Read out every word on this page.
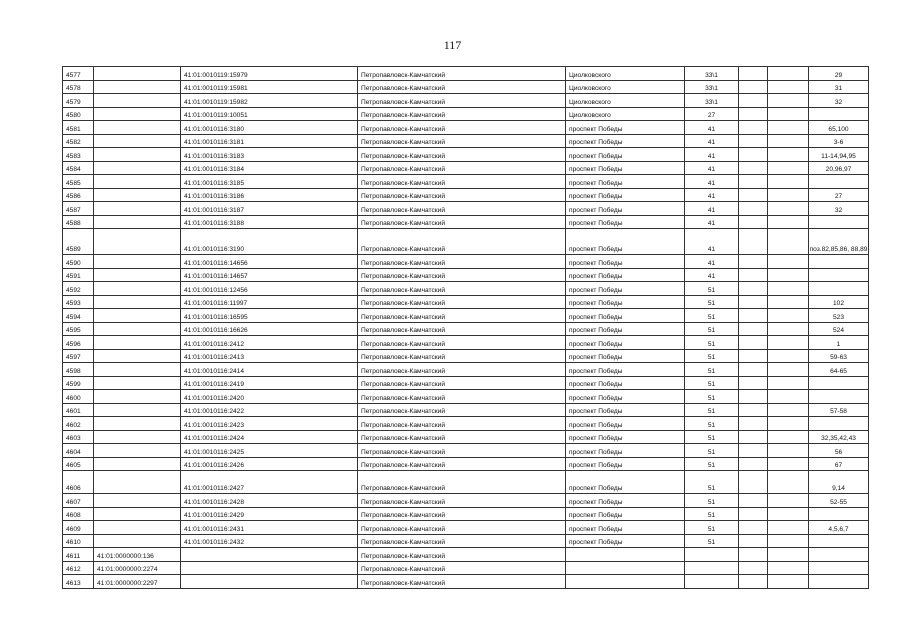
117
4577		41:01:0010119:15979	Петропавловск-Камчатский	Циолковского	33\1			29
4578		41:01:0010119:15981	Петропавловск-Камчатский	Циолковского	33\1			31
4579		41:01:0010119:15982	Петропавловск-Камчатский	Циолковского	33\1			32
4580		41:01:0010119:10051	Петропавловск-Камчатский	Циолковского	27			
4581		41:01:0010116:3180	Петропавловск-Камчатский	проспект Победы	41			65,100
4582		41:01:0010116:3181	Петропавловск-Камчатский	проспект Победы	41			3-6
4583		41:01:0010116:3183	Петропавловск-Камчатский	проспект Победы	41			11-14,94,95
4584		41:01:0010116:3184	Петропавловск-Камчатский	проспект Победы	41			20,96,97
4585		41:01:0010116:3185	Петропавловск-Камчатский	проспект Победы	41			
4586		41:01:0010116:3186	Петропавловск-Камчатский	проспект Победы	41			27
4587		41:01:0010116:3187	Петропавловск-Камчатский	проспект Победы	41			32
4588		41:01:0010116:3188	Петропавловск-Камчатский	проспект Победы	41			
4589		41:01:0010116:3190	Петропавловск-Камчатский	проспект Победы	41			поз.82,85,86, 88,89
4590		41:01:0010116:14656	Петропавловск-Камчатский	проспект Победы	41			
4591		41:01:0010116:14657	Петропавловск-Камчатский	проспект Победы	41			
4592		41:01:0010116:12456	Петропавловск-Камчатский	проспект Победы	51			
4593		41:01:0010116:11997	Петропавловск-Камчатский	проспект Победы	51			102
4594		41:01:0010116:16595	Петропавловск-Камчатский	проспект Победы	51			523
4595		41:01:0010116:16626	Петропавловск-Камчатский	проспект Победы	51			524
4596		41:01:0010116:2412	Петропавловск-Камчатский	проспект Победы	51			1
4597		41:01:0010116:2413	Петропавловск-Камчатский	проспект Победы	51			59-63
4598		41:01:0010116:2414	Петропавловск-Камчатский	проспект Победы	51			64-65
4599		41:01:0010116:2419	Петропавловск-Камчатский	проспект Победы	51			
4600		41:01:0010116:2420	Петропавловск-Камчатский	проспект Победы	51			
4601		41:01:0010116:2422	Петропавловск-Камчатский	проспект Победы	51			57-58
4602		41:01:0010116:2423	Петропавловск-Камчатский	проспект Победы	51			
4603		41:01:0010116:2424	Петропавловск-Камчатский	проспект Победы	51			32,35,42,43
4604		41:01:0010116:2425	Петропавловск-Камчатский	проспект Победы	51			56
4605		41:01:0010116:2426	Петропавловск-Камчатский	проспект Победы	51			67
4606		41:01:0010116:2427	Петропавловск-Камчатский	проспект Победы	51			9,14
4607		41:01:0010116:2428	Петропавловск-Камчатский	проспект Победы	51			52-55
4608		41:01:0010116:2429	Петропавловск-Камчатский	проспект Победы	51			
4609		41:01:0010116:2431	Петропавловск-Камчатский	проспект Победы	51			4,5,6,7
4610		41:01:0010116:2432	Петропавловск-Камчатский	проспект Победы	51			
4611	41:01:0000000:136		Петропавловск-Камчатский					
4612	41:01:0000000:2274		Петропавловск-Камчатский					
4613	41:01:0000000:2297		Петропавловск-Камчатский					
